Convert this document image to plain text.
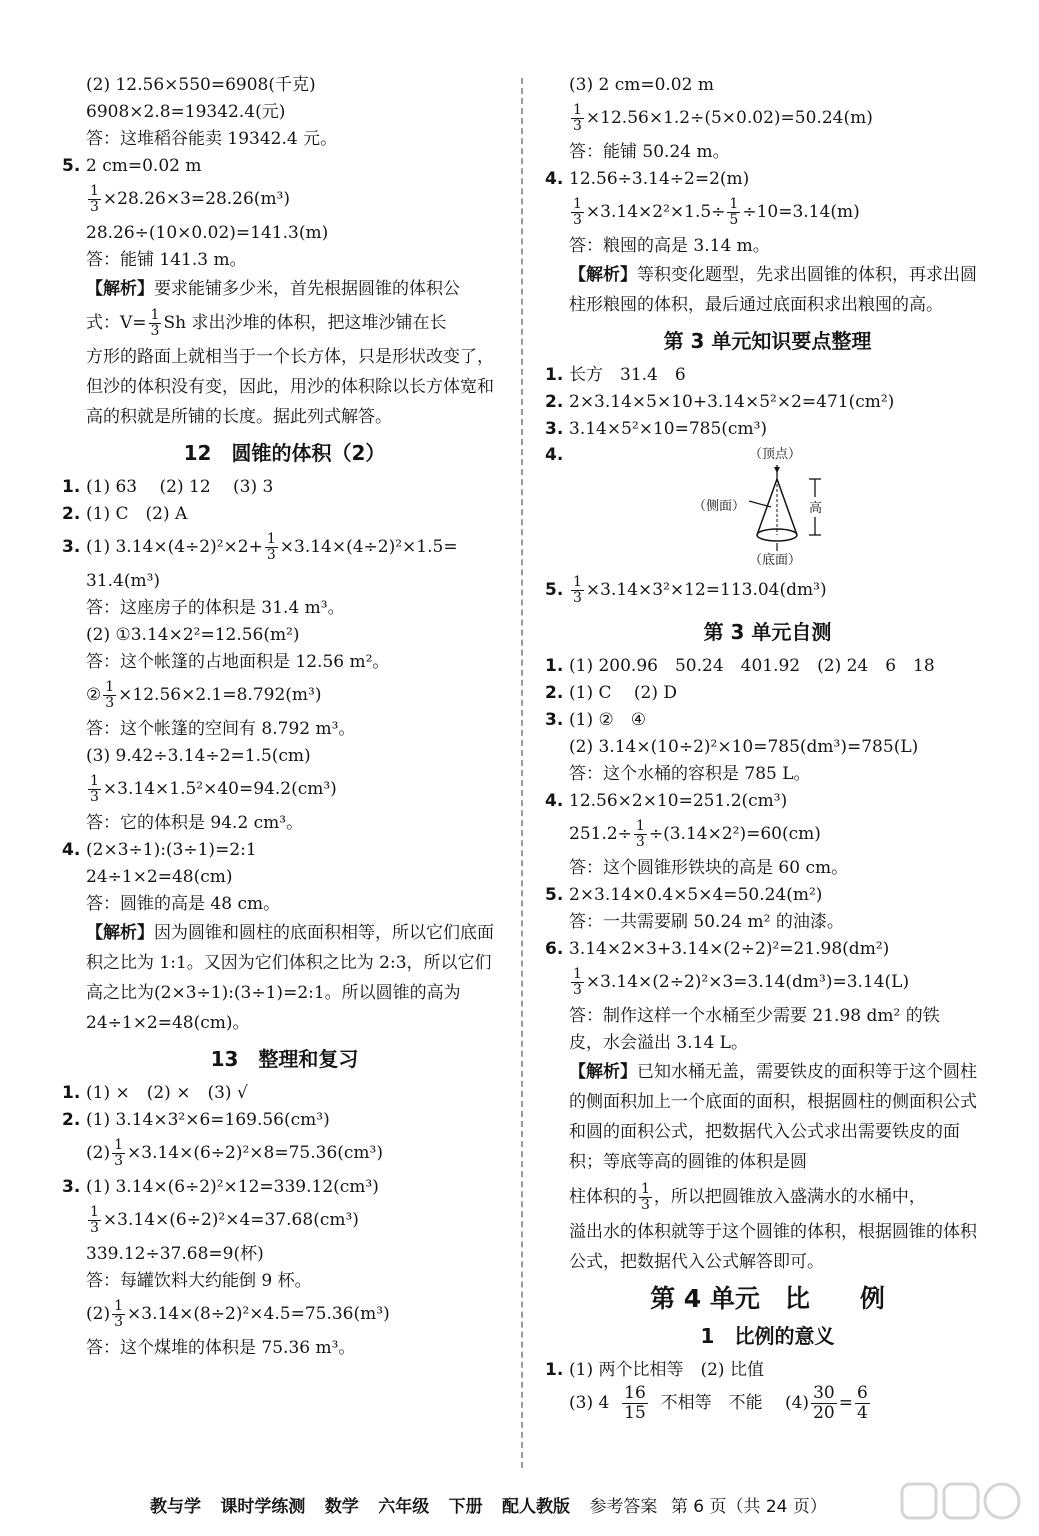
(2) 12.56×550=6908(千克)
6908×2.8=19342.4(元)
答：这堆稻谷能卖 19342.4 元。
5. 2 cm=0.02 m
$\frac{1}{3} \times 28.26\times 3=28.26(m^3)$
28.26÷(10×0.02)=141.3(m)
答：能铺 141.3 m。
【解析】要求能铺多少米，首先根据圆锥的体积公
式：$V= \frac{1}{3}$ Sh 求出沙堆的体积，把这堆沙铺在长
方形的路面上就相当于一个长方体，只是形状改变了，但沙的体积没有变，因此，用沙的体积除以长方体宽和高的积就是所铺的长度。据此列式解答。
12　圆锥的体积（2）
1. (1) 63　 (2) 12　 (3) 3
2. (1) C　(2) A
3. (1) $3.14\times(4\div 2)^2\times 2+ \frac{1}{3} \times 3.14\times(4\div 2)^2\times 1.5=$
31.4(m³)
答：这座房子的体积是 31.4 m³。
(2) ①3.14×2²=12.56(m²)
答：这个帐篷的占地面积是 12.56 m²。
② $\frac{1}{3} \times 12.56\times 2.1=8.792(m^3)$
答：这个帐篷的空间有 8.792 m³。
(3) 9.42÷3.14÷2=1.5(cm)
$\frac{1}{3} \times 3.14\times 1.5^2\times 40=94.2(cm^3)$
答：它的体积是 94.2 cm³。
4. (2×3÷1):(3÷1)=2:1
24÷1×2=48(cm)
答：圆锥的高是 48 cm。
【解析】因为圆锥和圆柱的底面积相等，所以它们底面积之比为 1:1。又因为它们体积之比为 2:3，所以它们高之比为(2×3÷1):(3÷1)=2:1。所以圆锥的高为 24÷1×2=48(cm)。
13　整理和复习
1. (1) ×　(2) ×　(3) √
2. (1) 3.14×3²×6=169.56(cm³)
$(2) \frac{1}{3} \times 3.14\times(6\div 2)^2\times 8=75.36(cm^3)$
3. (1) 3.14×(6÷2)²×12=339.12(cm³)
$\frac{1}{3} \times 3.14\times(6\div 2)^2\times 4=37.68(cm^3)$
339.12÷37.68=9(杯)
答：每罐饮料大约能倒 9 杯。
$(2) \frac{1}{3} \times 3.14\times(8\div 2)^2\times 4.5=75.36(m^3)$
答：这个煤堆的体积是 75.36 m³。
(3) 2 cm=0.02 m
$\frac{1}{3} \times 12.56\times 1.2\div(5\times 0.02)=50.24(m)$
答：能铺 50.24 m。
4. 12.56÷3.14÷2=2(m)
$\frac{1}{3} \times 3.14\times 2^2\times 1.5\div \frac{1}{5} \div 10=3.14(m)$
答：粮囤的高是 3.14 m。
【解析】等积变化题型，先求出圆锥的体积，再求出圆柱形粮囤的体积，最后通过底面积求出粮囤的高。
第 3 单元知识要点整理
1. 长方　31.4　6
2. 2×3.14×5×10+3.14×5²×2=471(cm²)
3. 3.14×5²×10=785(cm³)
4.	（顶点）
（侧面）	高
（底面）
5. $\frac{1}{3} \times 3.14\times 3^2\times 12=113.04(dm^3)$
第 3 单元自测
1. (1) 200.96　50.24　401.92　(2) 24　6　18
2. (1) C　 (2) D
3. (1) ②　④
(2) 3.14×(10÷2)²×10=785(dm³)=785(L)
答：这个水桶的容积是 785 L。
4. 12.56×2×10=251.2(cm³)
$251.2\div \frac{1}{3} \div(3.14\times 2^2)=60(cm)$
答：这个圆锥形铁块的高是 60 cm。
5. 2×3.14×0.4×5×4=50.24(m²)
答：一共需要刷 50.24 m² 的油漆。
6. 3.14×2×3+3.14×(2÷2)²=21.98(dm²)
$\frac{1}{3} \times 3.14\times(2\div 2)^2\times 3=3.14(dm^3)=3.14(L)$
答：制作这样一个水桶至少需要 21.98 dm² 的铁
皮，水会溢出 3.14 L。
【解析】已知水桶无盖，需要铁皮的面积等于这个圆柱的侧面积加上一个底面的面积，根据圆柱的侧面积公式和圆的面积公式，把数据代入公式求出需要铁皮的面积；等底等高的圆锥的体积是圆
柱体积的 $\frac{1}{3}$ ，所以把圆锥放入盛满水的水桶中，
溢出水的体积就等于这个圆锥的体积，根据圆锥的体积公式，把数据代入公式解答即可。
第 4 单元　比　　例
1　比例的意义
1. (1) 两个比相等　(2) 比值
(3) $4 \frac{16}{15}$ 不相等　不能　 $(4) \frac{30}{20} = \frac{6}{4}$
教与学 课时学练测 数学 六年级 下册 配人教版 参考答案 第 6 页（共 24 页）
